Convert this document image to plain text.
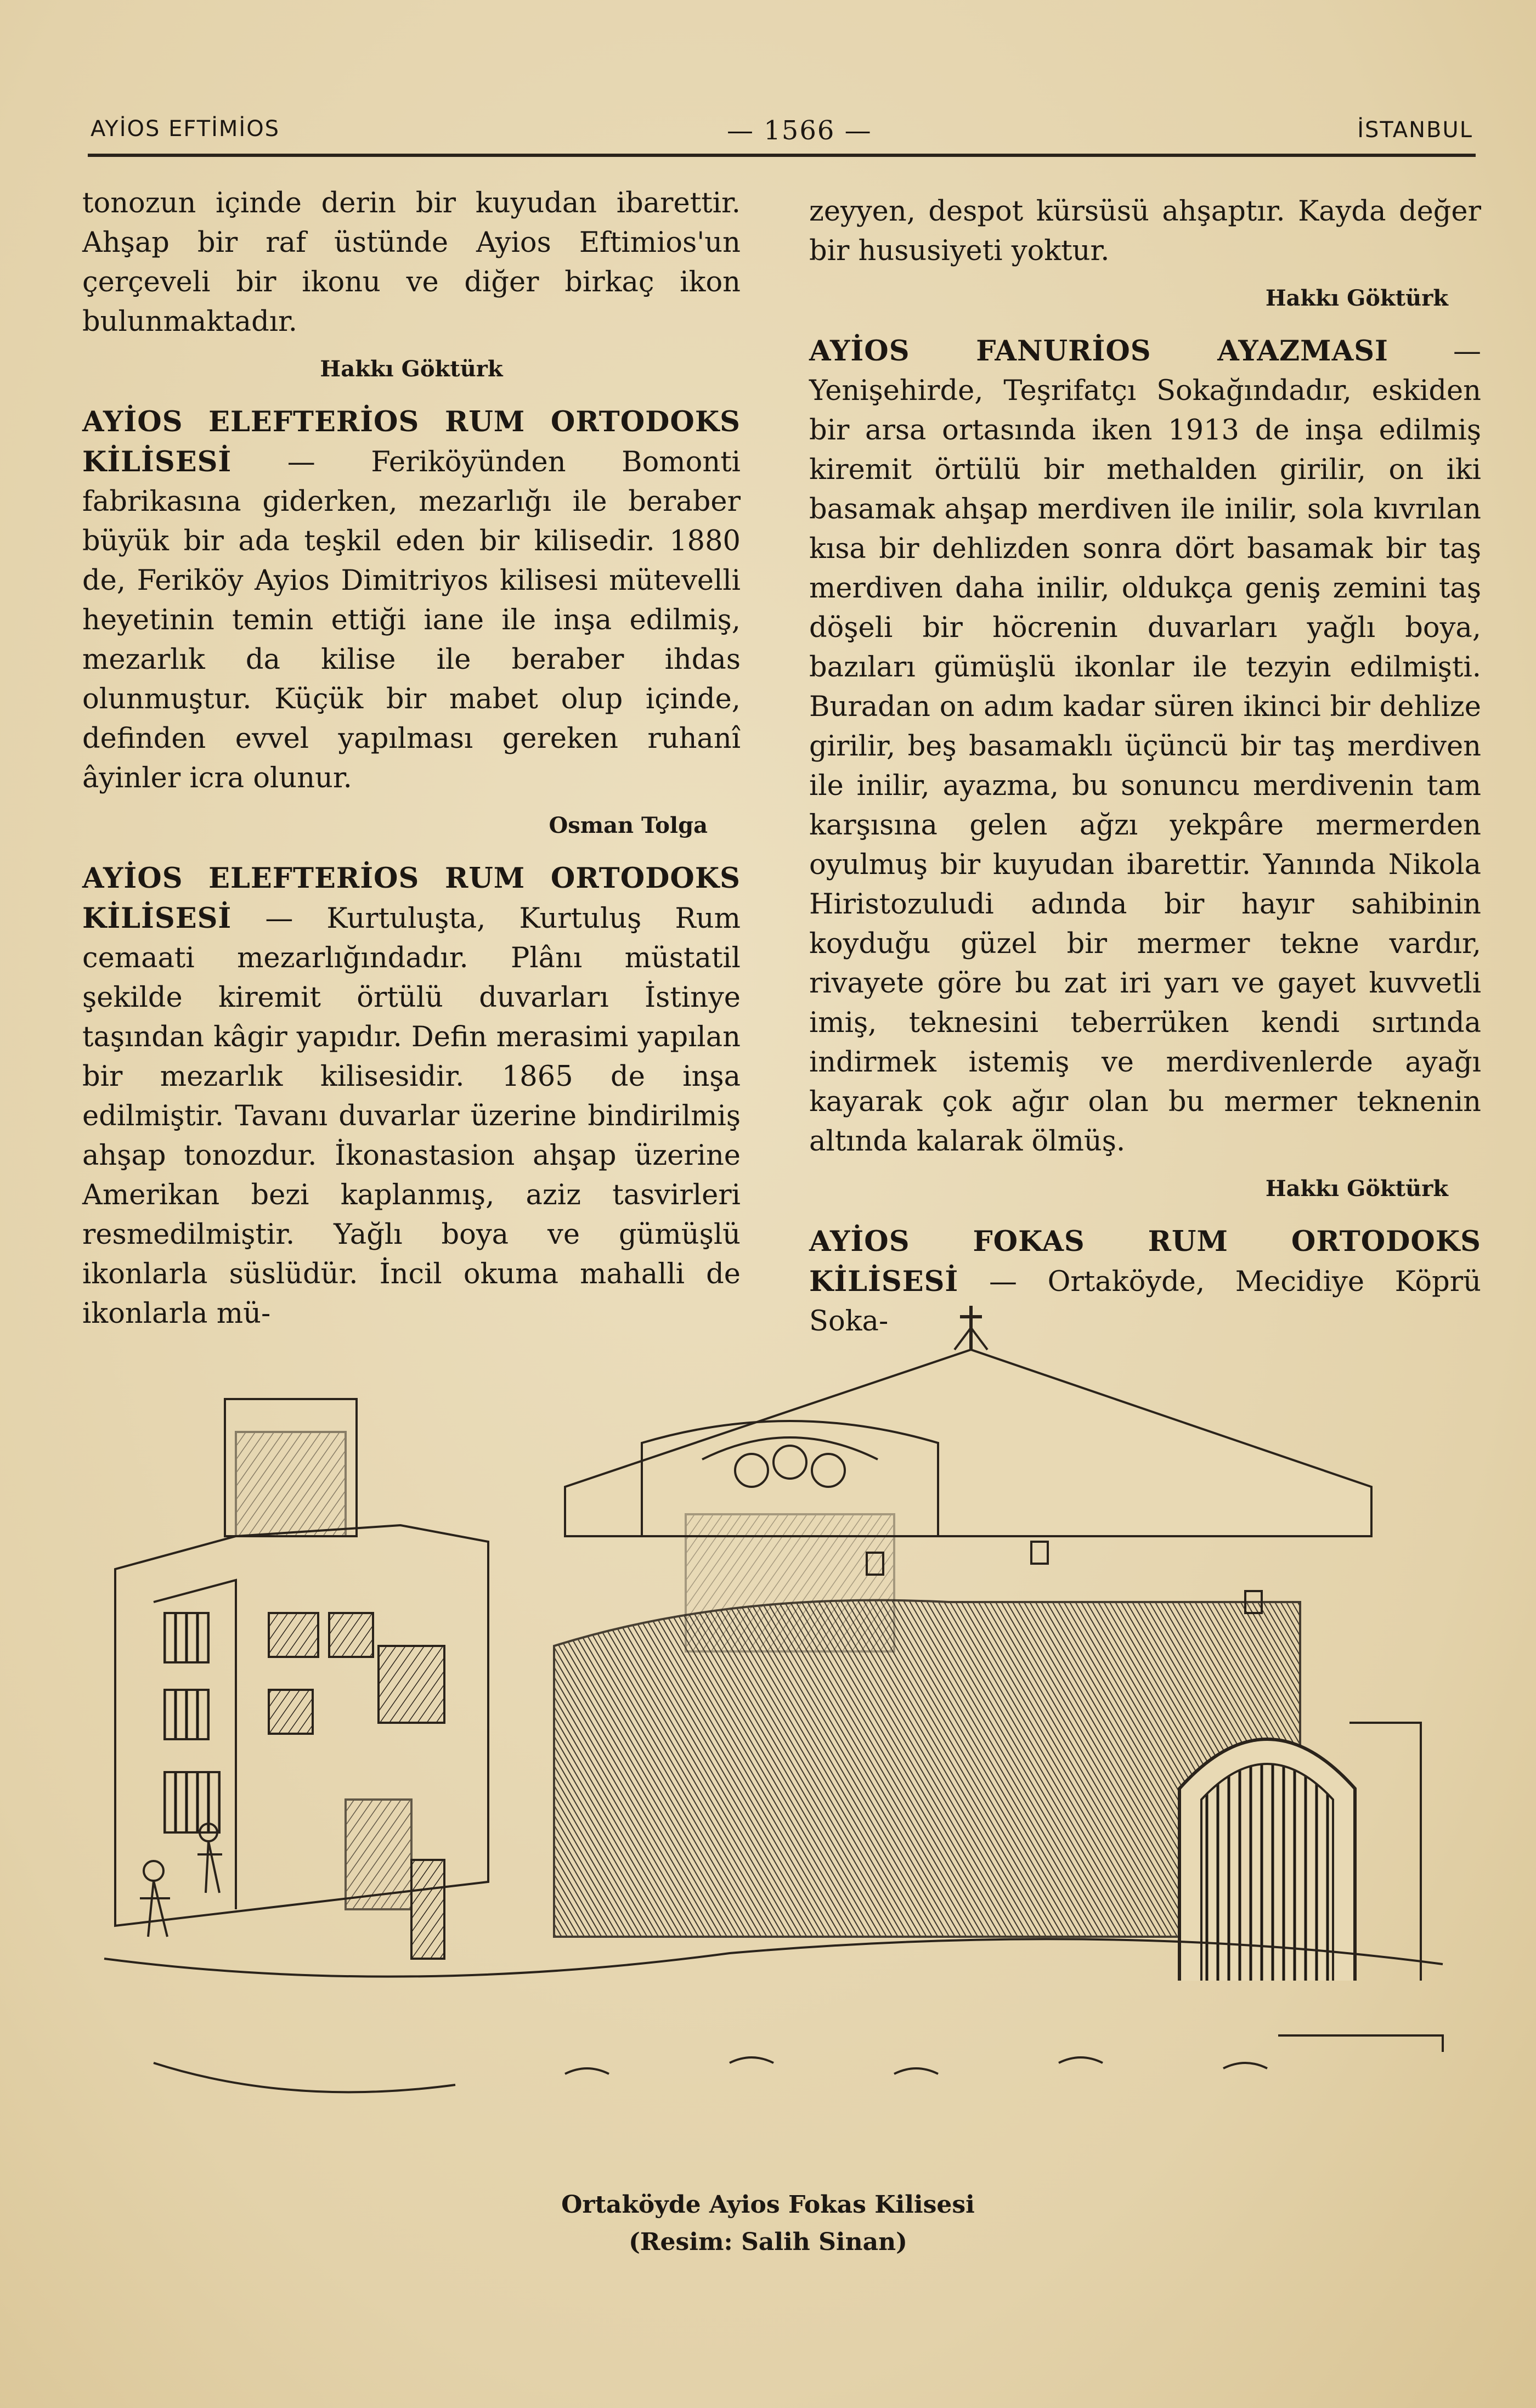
AYİOS EFTİMİOS	— 1566 —	İSTANBUL

tonozun içinde derin bir kuyudan ibarettir. Ahşap bir raf üstünde Ayios Eftimios'un çerçeveli bir ikonu ve diğer birkaç ikon bulunmaktadır.

Hakkı Göktürk

AYİOS ELEFTERİOS RUM ORTODOKS KİLİSESİ — Feriköyünden Bomonti fabrikasına giderken, mezarlığı ile beraber büyük bir ada teşkil eden bir kilisedir. 1880 de, Feriköy Ayios Dimitriyos kilisesi mütevelli heyetinin temin ettiği iane ile inşa edilmiş, mezarlık da kilise ile beraber ihdas olunmuştur. Küçük bir mabet olup içinde, definden evvel yapılması gereken ruhanî âyinler icra olunur.

Osman Tolga

AYİOS ELEFTERİOS RUM ORTODOKS KİLİSESİ — Kurtuluşta, Kurtuluş Rum cemaati mezarlığındadır. Plânı müstatil şekilde kiremit örtülü duvarları İstinye taşından kâgir yapıdır. Defin merasimi yapılan bir mezarlık kilisesidir. 1865 de inşa edilmiştir. Tavanı duvarlar üzerine bindirilmiş ahşap tonozdur. İkonastasion ahşap üzerine Amerikan bezi kaplanmış, aziz tasvirleri resmedilmiştir. Yağlı boya ve gümüşlü ikonlarla süslüdür. İncil okuma mahalli de ikonlarla mü-

zeyyen, despot kürsüsü ahşaptır. Kayda değer bir hususiyeti yoktur.

Hakkı Göktürk

AYİOS FANURİOS AYAZMASI — Yenişehirde, Teşrifatçı Sokağındadır, eskiden bir arsa ortasında iken 1913 de inşa edilmiş kiremit örtülü bir methalden girilir, on iki basamak ahşap merdiven ile inilir, sola kıvrılan kısa bir dehlizden sonra dört basamak bir taş merdiven daha inilir, oldukça geniş zemini taş döşeli bir höcrenin duvarları yağlı boya, bazıları gümüşlü ikonlar ile tezyin edilmişti. Buradan on adım kadar süren ikinci bir dehlize girilir, beş basamaklı üçüncü bir taş merdiven ile inilir, ayazma, bu sonuncu merdivenin tam karşısına gelen ağzı yekpâre mermerden oyulmuş bir kuyudan ibarettir. Yanında Nikola Hiristozuludi adında bir hayır sahibinin koyduğu güzel bir mermer tekne vardır, rivayete göre bu zat iri yarı ve gayet kuvvetli imiş, teknesini teberrüken kendi sırtında indirmek istemiş ve merdivenlerde ayağı kayarak çok ağır olan bu mermer teknenin altında kalarak ölmüş.

Hakkı Göktürk

AYİOS FOKAS RUM ORTODOKS KİLİSESİ — Ortaköyde, Mecidiye Köprü Soka-

Ortaköyde Ayios Fokas Kilisesi
(Resim: Salih Sinan)
